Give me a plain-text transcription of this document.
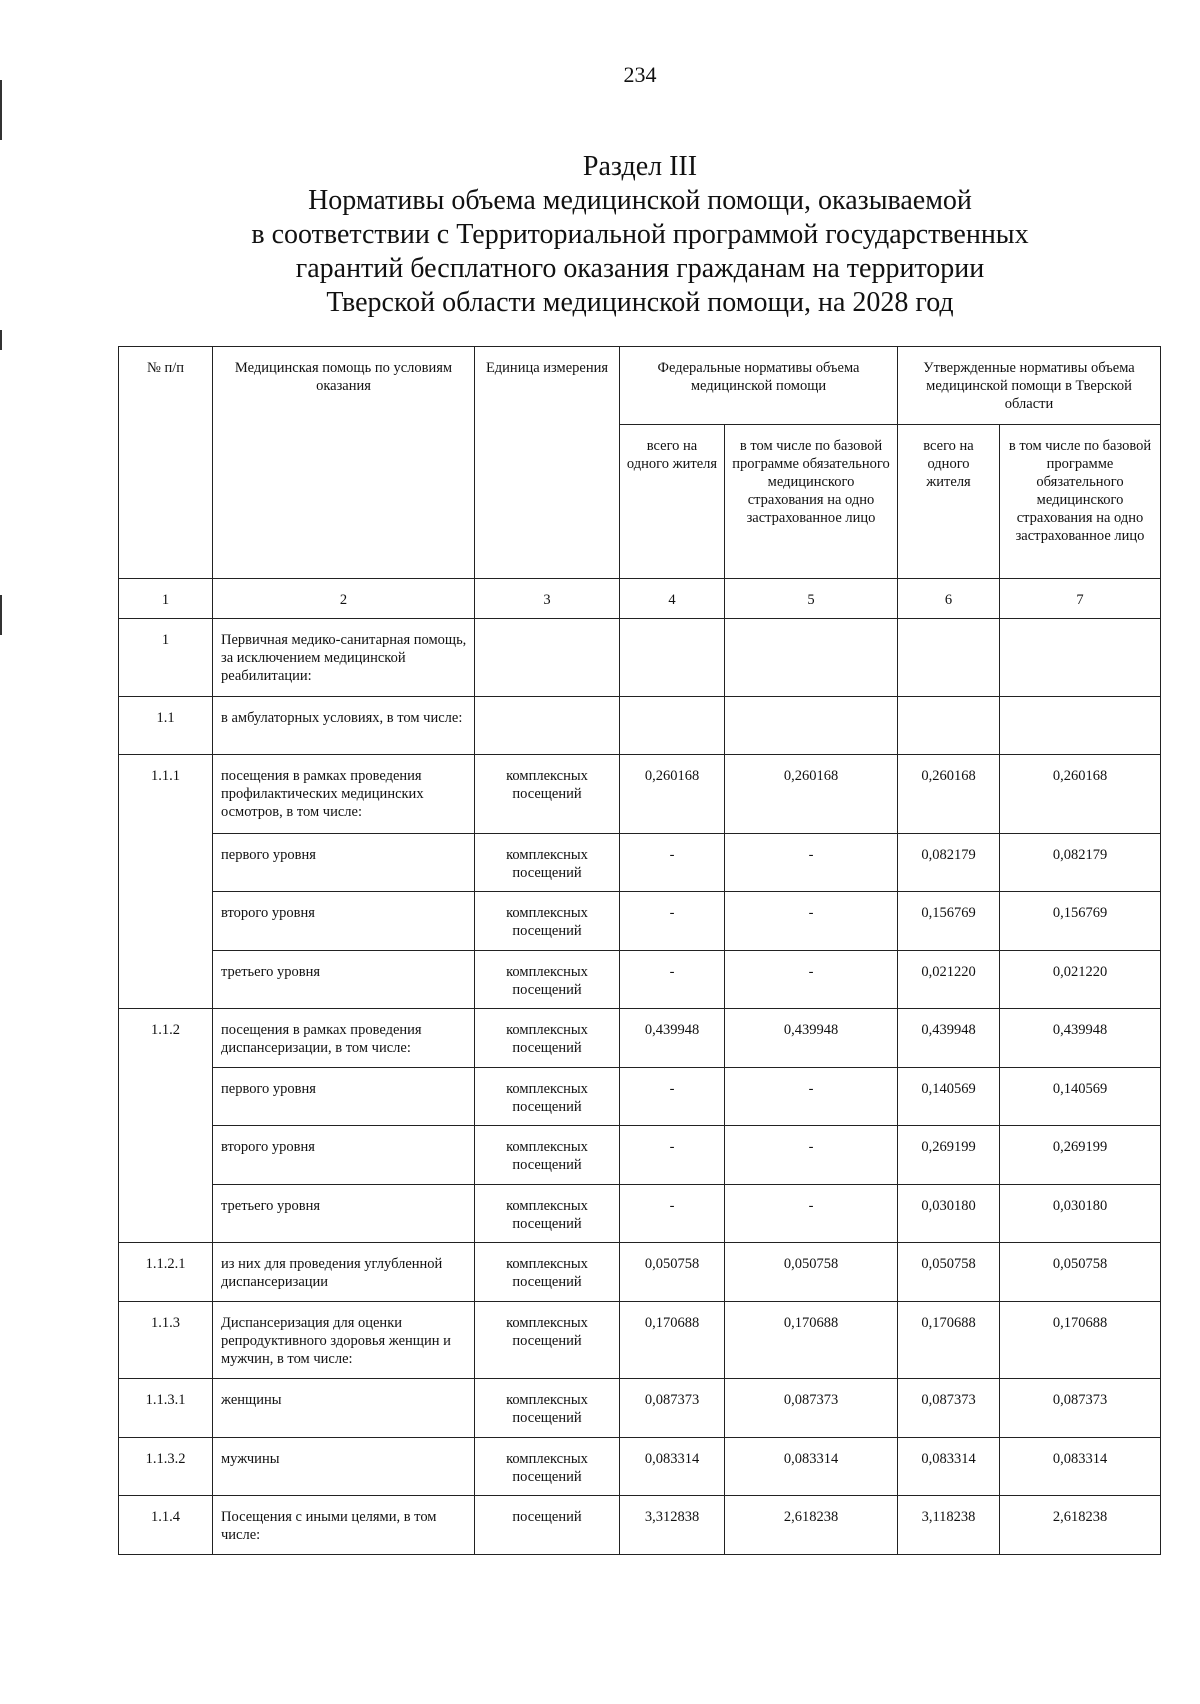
234
Раздел III
Нормативы объема медицинской помощи, оказываемой
в соответствии с Территориальной программой государственных
гарантий бесплатного оказания гражданам на территории
Тверской области медицинской помощи, на 2028 год
№ п/п	Медицинская помощь по условиям оказания	Единица измерения	Федеральные нормативы объема медицинской помощи		Утвержденные нормативы объема медицинской помощи в Тверской области	
			всего на одного жителя	в том числе по базовой программе обязательного медицинского страхования на одно застрахованное лицо	всего на одного жителя	в том числе по базовой программе обязательного медицинского страхования на одно застрахованное лицо
1	2	3	4	5	6	7
1	Первичная медико-санитарная помощь, за исключением медицинской реабилитации:					
1.1	в амбулаторных условиях, в том числе:					
1.1.1	посещения в рамках проведения профилактических медицинских осмотров, в том числе:	комплексных посещений	0,260168	0,260168	0,260168	0,260168
	первого уровня	комплексных посещений	-	-	0,082179	0,082179
	второго уровня	комплексных посещений	-	-	0,156769	0,156769
	третьего уровня	комплексных посещений	-	-	0,021220	0,021220
1.1.2	посещения в рамках проведения диспансеризации, в том числе:	комплексных посещений	0,439948	0,439948	0,439948	0,439948
	первого уровня	комплексных посещений	-	-	0,140569	0,140569
	второго уровня	комплексных посещений	-	-	0,269199	0,269199
	третьего уровня	комплексных посещений	-	-	0,030180	0,030180
1.1.2.1	из них для проведения углубленной диспансеризации	комплексных посещений	0,050758	0,050758	0,050758	0,050758
1.1.3	Диспансеризация для оценки репродуктивного здоровья женщин и мужчин, в том числе:	комплексных посещений	0,170688	0,170688	0,170688	0,170688
1.1.3.1	женщины	комплексных посещений	0,087373	0,087373	0,087373	0,087373
1.1.3.2	мужчины	комплексных посещений	0,083314	0,083314	0,083314	0,083314
1.1.4	Посещения с иными целями, в том числе:	посещений	3,312838	2,618238	3,118238	2,618238
